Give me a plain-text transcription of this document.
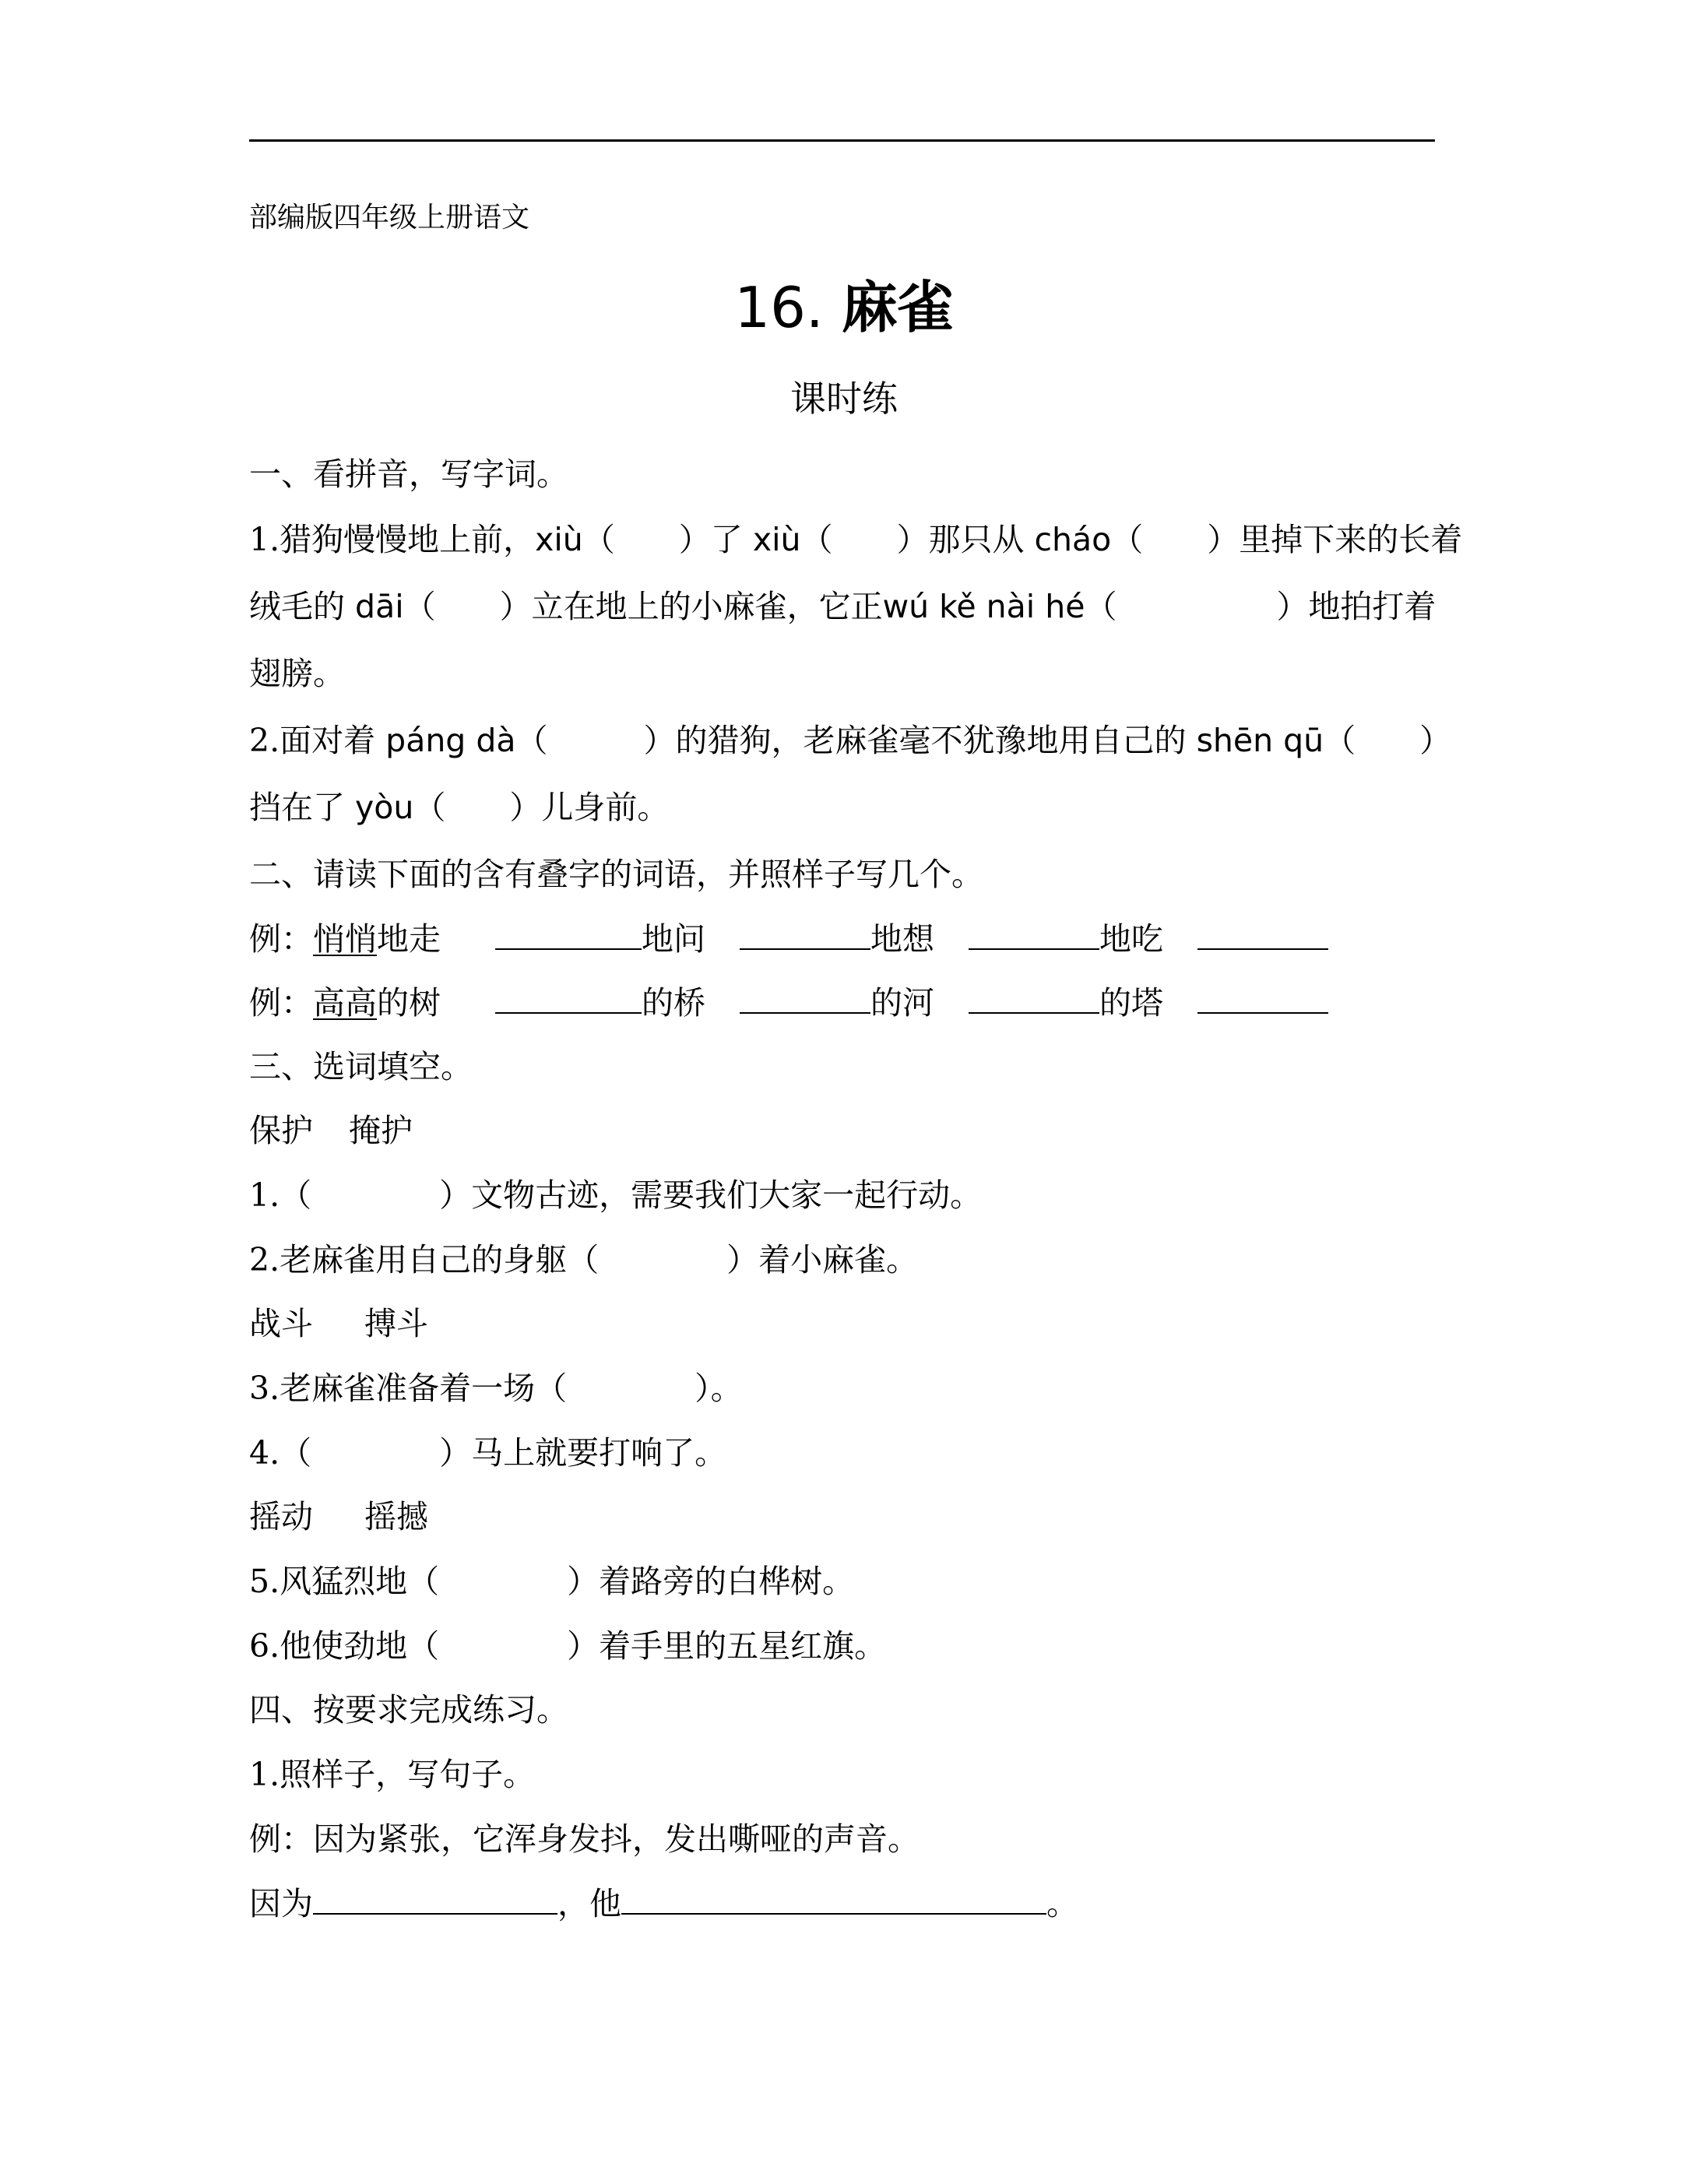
部编版四年级上册语文
16. 麻雀
课时练
一、看拼音，写字词。
1.猎狗慢慢地上前，xiù（　　）了 xiù（　　）那只从 cháo（　　）里掉下来的长着
绒毛的 dāi（　　）立在地上的小麻雀，它正wú kě nài hé（　　　　　）地拍打着
翅膀。
2.面对着 páng dà（　　　）的猎狗，老麻雀毫不犹豫地用自己的 shēn qū（　　）
挡在了 yòu（　　）儿身前。
二、请读下面的含有叠字的词语，并照样子写几个。
例：悄悄地走	地问	地想	地吃
例：高高的树	的桥	的河	的塔
三、选词填空。
保护 掩护
1.（　　　　）文物古迹，需要我们大家一起行动。
2.老麻雀用自己的身躯（　　　　）着小麻雀。
战斗 搏斗
3.老麻雀准备着一场（　　　　）。
4.（　　　　）马上就要打响了。
摇动 摇撼
5.风猛烈地（　　　　）着路旁的白桦树。
6.他使劲地（　　　　）着手里的五星红旗。
四、按要求完成练习。
1.照样子，写句子。
例：因为紧张，它浑身发抖，发出嘶哑的声音。
因为	，他	。
